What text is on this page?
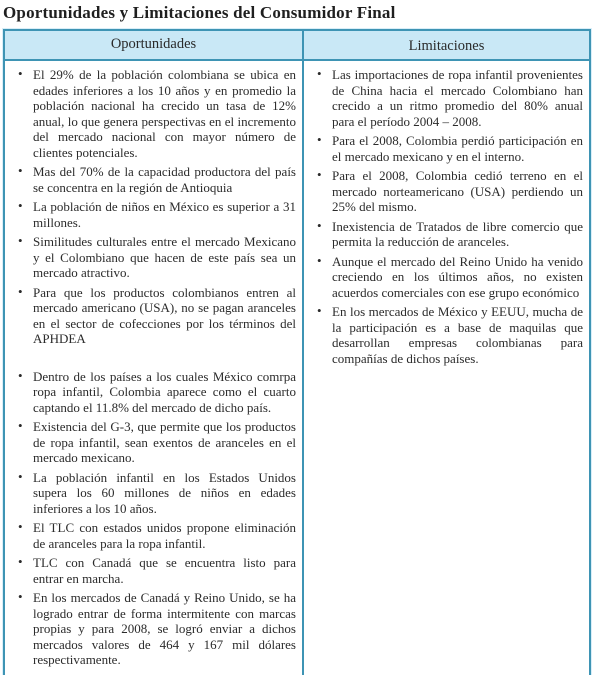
Oportunidades y Limitaciones del Consumidor Final
Oportunidades	Limitaciones
• El 29% de la población colombiana se ubica en edades inferiores a los 10 años y en promedio la población nacional ha crecido un tasa de 12% anual, lo que genera perspectivas en el incremento del mercado nacional con mayor número de clientes potenciales.
• Mas del 70% de la capacidad productora del país se concentra en la región de Antioquia
• La población de niños en México es superior a 31 millones.
• Similitudes culturales entre el mercado Mexicano y el Colombiano que hacen de este país sea un mercado atractivo.
• Para que los productos colombianos entren al mercado americano (USA), no se pagan aranceles en el sector de cofecciones por los términos del APHDEA
• Dentro de los países a los cuales México comrpa ropa infantil, Colombia aparece como el cuarto captando el 11.8% del mercado de dicho país.
• Existencia del G-3, que permite que los productos de ropa infantil, sean exentos de aranceles en el mercado mexicano.
• La población infantil en los Estados Unidos supera los 60 millones de niños en edades inferiores a los 10 años.
• El TLC con estados unidos propone eliminación de aranceles para la ropa infantil.
• TLC con Canadá que se encuentra listo para entrar en marcha.
• En los mercados de Canadá y Reino Unido, se ha logrado entrar de forma intermitente con marcas propias y para 2008, se logró enviar a dichos mercados valores de 464 y 167 mil dólares respectivamente.
• Las importaciones de ropa infantil provenientes de China hacia el mercado Colombiano han crecido a un ritmo promedio del 80% anual para el período 2004 – 2008.
• Para el 2008, Colombia perdió participación en el mercado mexicano y en el interno.
• Para el 2008, Colombia cedió terreno en el mercado norteamericano (USA) perdiendo un 25% del mismo.
• Inexistencia de Tratados de libre comercio que permita la reducción de aranceles.
• Aunque el mercado del Reino Unido ha venido creciendo en los últimos años, no existen acuerdos comerciales con ese grupo económico
• En los mercados de México y EEUU, mucha de la participación es a base de maquilas que desarrollan empresas colombianas para compañías de dichos países.
